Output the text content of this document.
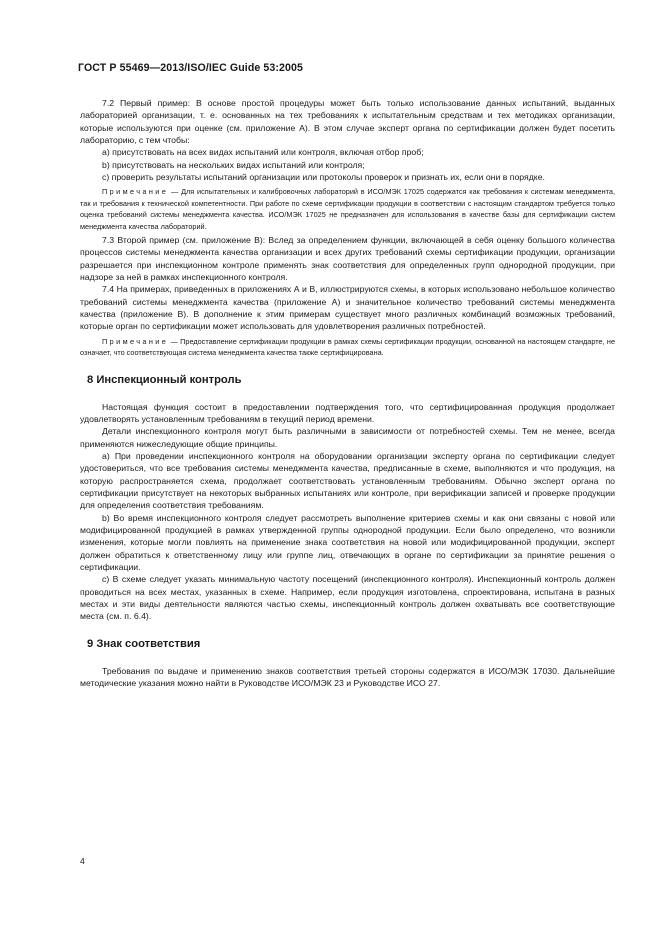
ГОСТ Р 55469—2013/ISO/IEC Guide 53:2005

7.2 Первый пример: В основе простой процедуры может быть только использование данных испытаний, выданных лабораторией организации, т. е. основанных на тех требованиях к испытательным средствам и тех методиках организации, которые используются при оценке (см. приложение А). В этом случае эксперт органа по сертификации должен будет посетить лабораторию, с тем чтобы:

a) присутствовать на всех видах испытаний или контроля, включая отбор проб;

b) присутствовать на нескольких видах испытаний или контроля;

c) проверить результаты испытаний организации или протоколы проверок и признать их, если они в порядке.

Примечание — Для испытательных и калибровочных лабораторий в ИСО/МЭК 17025 содержатся как требования к системам менеджмента, так и требования к технической компетентности. При работе по схеме сертификации продукции в соответствии с настоящим стандартом требуется только оценка требований системы менеджмента качества. ИСО/МЭК 17025 не предназначен для использования в качестве базы для сертификации систем менеджмента качества лабораторий.

7.3 Второй пример (см. приложение В): Вслед за определением функции, включающей в себя оценку большого количества процессов системы менеджмента качества организации и всех других требований схемы сертификации продукции, организации разрешается при инспекционном контроле применять знак соответствия для определенных групп однородной продукции, при надзоре за ней в рамках инспекционного контроля.

7.4 На примерах, приведенных в приложениях А и В, иллюстрируются схемы, в которых использовано небольшое количество требований системы менеджмента качества (приложение А) и значительное количество требований системы менеджмента качества (приложение В). В дополнение к этим примерам существует много различных комбинаций возможных требований, которые орган по сертификации может использовать для удовлетворения различных потребностей.

Примечание — Предоставление сертификации продукции в рамках схемы сертификации продукции, основанной на настоящем стандарте, не означает, что соответствующая система менеджмента качества также сертифицирована.

8 Инспекционный контроль

Настоящая функция состоит в предоставлении подтверждения того, что сертифицированная продукция продолжает удовлетворять установленным требованиям в текущий период времени.

Детали инспекционного контроля могут быть различными в зависимости от потребностей схемы. Тем не менее, всегда применяются нижеследующие общие принципы.

а) При проведении инспекционного контроля на оборудовании организации эксперту органа по сертификации следует удостовериться, что все требования системы менеджмента качества, предписанные в схеме, выполняются и что продукция, на которую распространяется схема, продолжает соответствовать установленным требованиям. Обычно эксперт органа по сертификации присутствует на некоторых выбранных испытаниях или контроле, при верификации записей и проверке продукции для определения соответствия требованиям.

b) Во время инспекционного контроля следует рассмотреть выполнение критериев схемы и как они связаны с новой или модифицированной продукцией в рамках утвержденной группы однородной продукции. Если было определено, что возникли изменения, которые могли повлиять на применение знака соответствия на новой или модифицированной продукции, эксперт должен обратиться к ответственному лицу или группе лиц, отвечающих в органе по сертификации за принятие решения о сертификации.

c) В схеме следует указать минимальную частоту посещений (инспекционного контроля). Инспекционный контроль должен проводиться на всех местах, указанных в схеме. Например, если продукция изготовлена, спроектирована, испытана в разных местах и эти виды деятельности являются частью схемы, инспекционный контроль должен охватывать все соответствующие места (см. п. 6.4).

9 Знак соответствия

Требования по выдаче и применению знаков соответствия третьей стороны содержатся в ИСО/МЭК 17030. Дальнейшие методические указания можно найти в Руководстве ИСО/МЭК 23 и Руководстве ИСО 27.

4
